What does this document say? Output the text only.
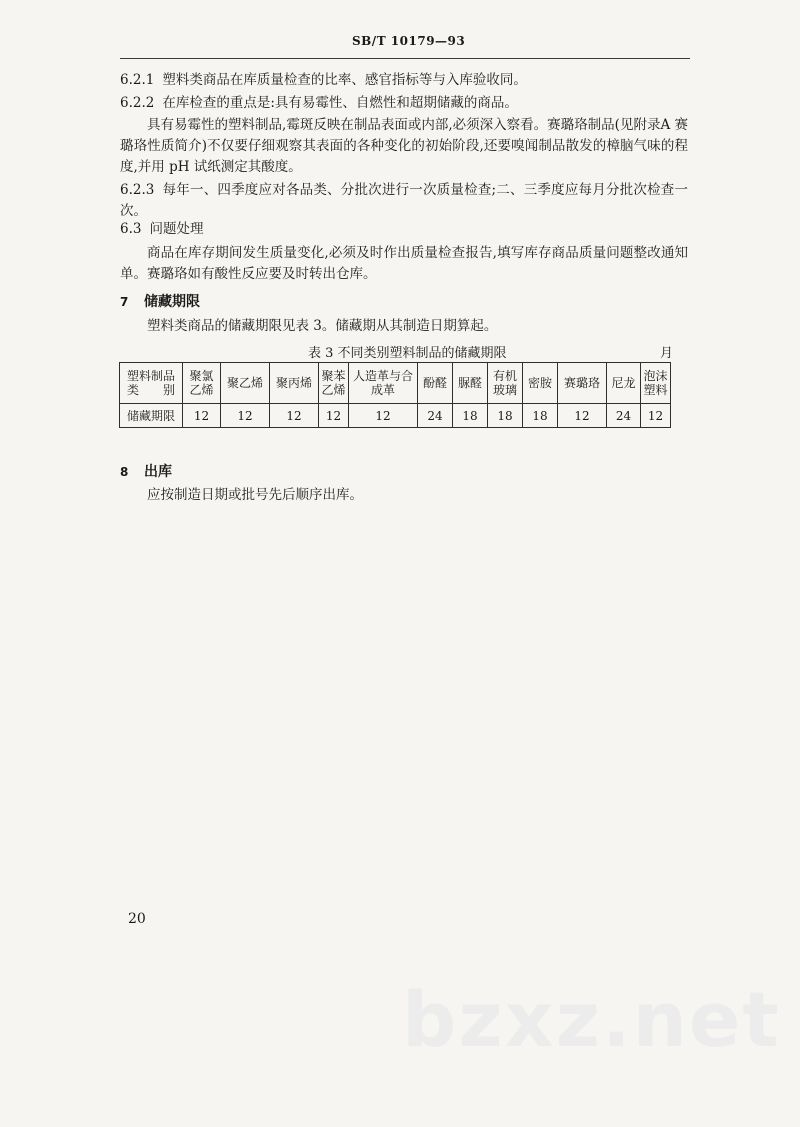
SB/T 10179—93
6.2.1 塑料类商品在库质量检查的比率、感官指标等与入库验收同。
6.2.2 在库检查的重点是:具有易霉性、自燃性和超期储藏的商品。
具有易霉性的塑料制品,霉斑反映在制品表面或内部,必须深入察看。赛璐珞制品(见附录A 赛璐珞性质简介)不仅要仔细观察其表面的各种变化的初始阶段,还要嗅闻制品散发的樟脑气味的程度,并用 pH 试纸测定其酸度。
6.2.3 每年一、四季度应对各品类、分批次进行一次质量检查;二、三季度应每月分批次检查一次。
6.3 问题处理
商品在库存期间发生质量变化,必须及时作出质量检查报告,填写库存商品质量问题整改通知单。赛璐珞如有酸性反应要及时转出仓库。
7 储藏期限
塑料类商品的储藏期限见表 3。储藏期从其制造日期算起。
表 3 不同类别塑料制品的储藏期限	月
塑料制品类　　别	聚氯乙烯	聚乙烯	聚丙烯	聚苯乙烯	人造革与合成革	酚醛	脲醛	有机玻璃	密胺	赛璐珞	尼龙	泡沫塑料
储藏期限	12	12	12	12	12	24	18	18	18	12	24	12
8 出库
应按制造日期或批号先后顺序出库。
20
bzxz.net
